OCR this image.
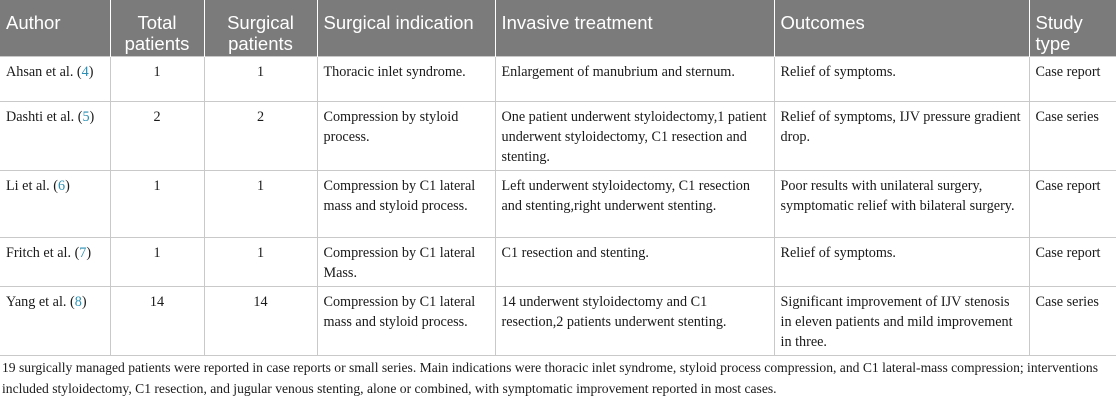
Author	Total patients	Surgical patients	Surgical indication	Invasive treatment	Outcomes	Study type
Ahsan et al. (4)	1	1	Thoracic inlet syndrome.	Enlargement of manubrium and sternum.	Relief of symptoms.	Case report
Dashti et al. (5)	2	2	Compression by styloid process.	One patient underwent styloidectomy,1 patient underwent styloidectomy, C1 resection and stenting.	Relief of symptoms, IJV pressure gradient drop.	Case series
Li et al. (6)	1	1	Compression by C1 lateral mass and styloid process.	Left underwent styloidectomy, C1 resection and stenting,right underwent stenting.	Poor results with unilateral surgery, symptomatic relief with bilateral surgery.	Case report
Fritch et al. (7)	1	1	Compression by C1 lateral Mass.	C1 resection and stenting.	Relief of symptoms.	Case report
Yang et al. (8)	14	14	Compression by C1 lateral mass and styloid process.	14 underwent styloidectomy and C1 resection,2 patients underwent stenting.	Significant improvement of IJV stenosis in eleven patients and mild improvement in three.	Case series

19 surgically managed patients were reported in case reports or small series. Main indications were thoracic inlet syndrome, styloid process compression, and C1 lateral-mass compression; interventions included styloidectomy, C1 resection, and jugular venous stenting, alone or combined, with symptomatic improvement reported in most cases.
